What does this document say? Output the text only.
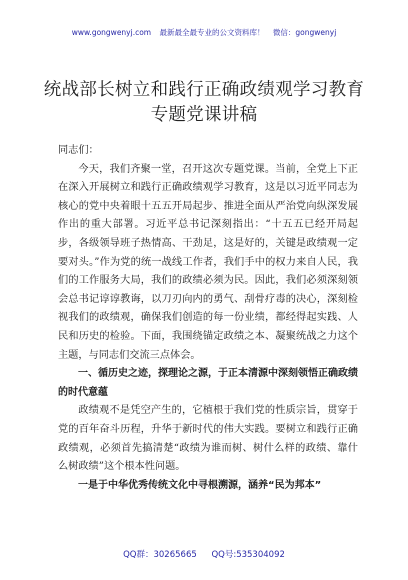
www.gongwenyj.com 最新最全最专业的公文资料库！ 微信：gongwenyj
统战部长树立和践行正确政绩观学习教育专题党课讲稿

同志们：

今天，我们齐聚一堂，召开这次专题党课。当前，全党上下正在深入开展树立和践行正确政绩观学习教育，这是以习近平同志为核心的党中央着眼十五五开局起步、推进全面从严治党向纵深发展作出的重大部署。习近平总书记深刻指出：“十五五已经开局起步，各级领导班子热情高、干劲足，这是好的，关键是政绩观一定要对头。”作为党的统一战线工作者，我们手中的权力来自人民，我们的工作服务大局，我们的政绩必须为民。因此，我们必须深刻领会总书记谆谆教诲，以刀刃向内的勇气、刮骨疗毒的决心，深刻检视我们的政绩观，确保我们创造的每一份业绩，都经得起实践、人民和历史的检验。下面，我围绕锚定政绩之本、凝聚统战之力这个主题，与同志们交流三点体会。

一、循历史之迹，探理论之源，于正本清源中深刻领悟正确政绩的时代意蕴

政绩观不是凭空产生的，它植根于我们党的性质宗旨，贯穿于党的百年奋斗历程，升华于新时代的伟大实践。要树立和践行正确政绩观，必须首先搞清楚“政绩为谁而树、树什么样的政绩、靠什么树政绩”这个根本性问题。

一是于中华优秀传统文化中寻根溯源，涵养“民为邦本”

QQ群：30265665 QQ号:535304092
